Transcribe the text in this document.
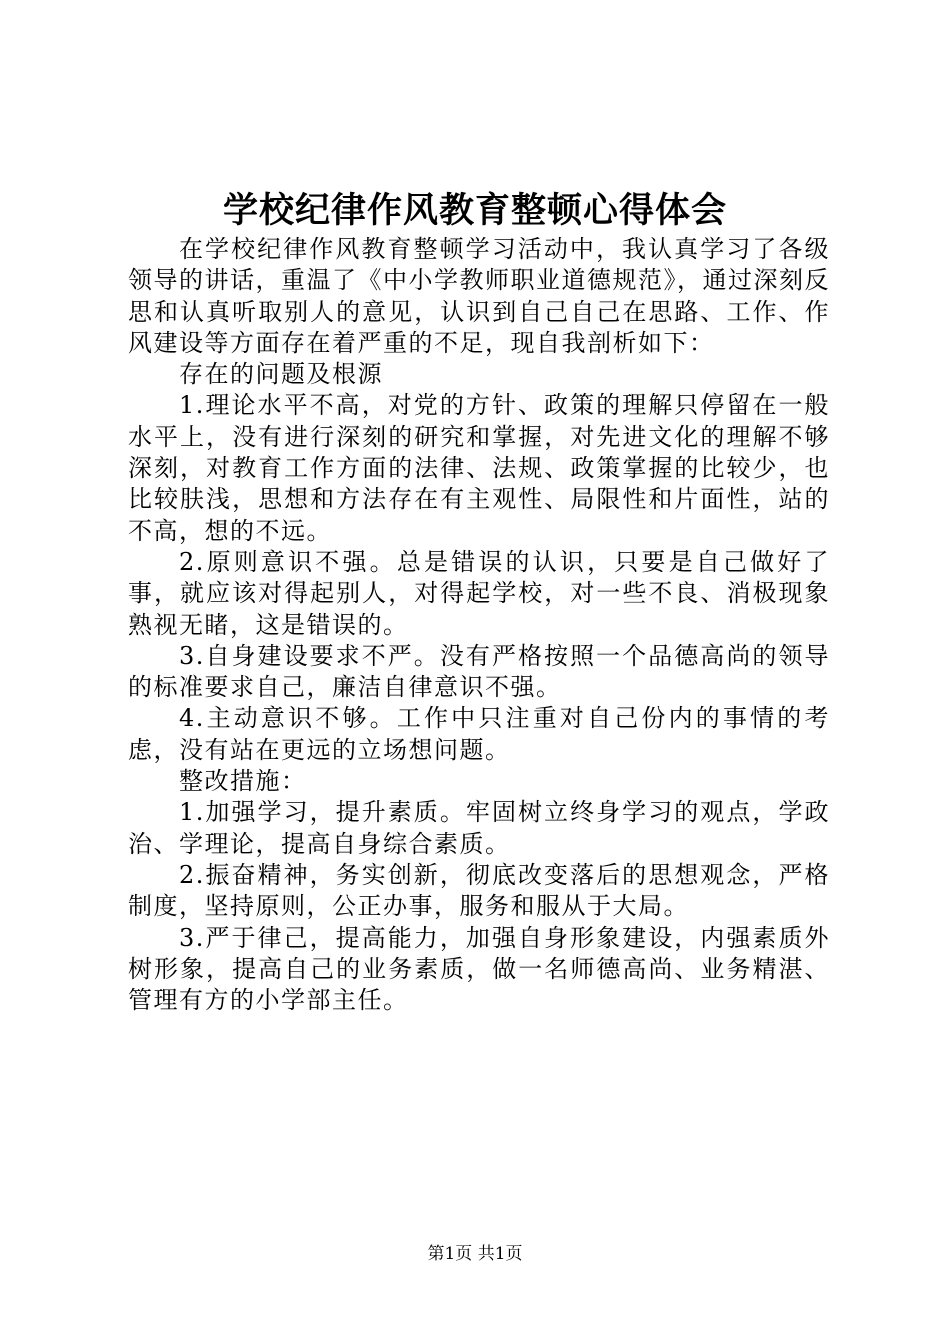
学校纪律作风教育整顿心得体会

在学校纪律作风教育整顿学习活动中，我认真学习了各级领导的讲话，重温了《中小学教师职业道德规范》，通过深刻反思和认真听取别人的意见，认识到自己自己在思路、工作、作风建设等方面存在着严重的不足，现自我剖析如下：

存在的问题及根源

1.理论水平不高，对党的方针、政策的理解只停留在一般水平上，没有进行深刻的研究和掌握，对先进文化的理解不够深刻，对教育工作方面的法律、法规、政策掌握的比较少，也比较肤浅，思想和方法存在有主观性、局限性和片面性，站的不高，想的不远。

2.原则意识不强。总是错误的认识，只要是自己做好了事，就应该对得起别人，对得起学校，对一些不良、消极现象熟视无睹，这是错误的。

3.自身建设要求不严。没有严格按照一个品德高尚的领导的标准要求自己，廉洁自律意识不强。

4.主动意识不够。工作中只注重对自己份内的事情的考虑，没有站在更远的立场想问题。

整改措施：

1.加强学习，提升素质。牢固树立终身学习的观点，学政治、学理论，提高自身综合素质。

2.振奋精神，务实创新，彻底改变落后的思想观念，严格制度，坚持原则，公正办事，服务和服从于大局。

3.严于律己，提高能力，加强自身形象建设，内强素质外树形象，提高自己的业务素质，做一名师德高尚、业务精湛、管理有方的小学部主任。

第1页 共1页
